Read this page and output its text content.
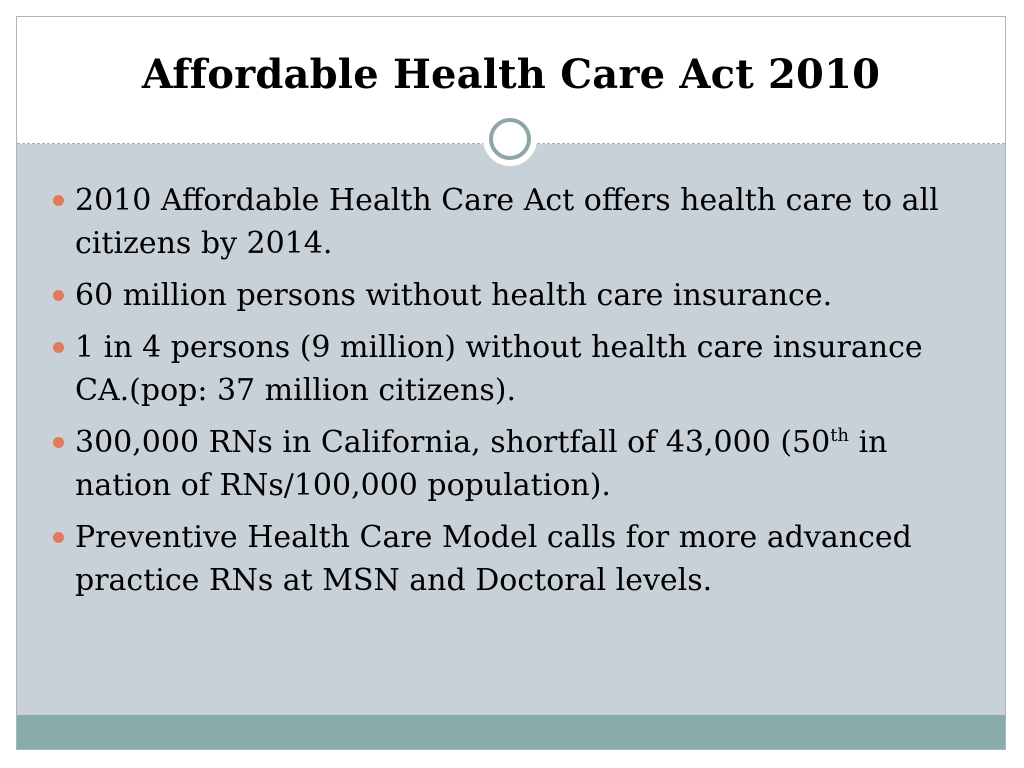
Affordable Health Care Act 2010
2010 Affordable Health Care Act offers health care to all citizens by 2014.
60 million persons without health care insurance.
1 in 4 persons (9 million) without health care insurance CA.(pop: 37 million citizens).
300,000 RNs in California, shortfall of 43,000 (50th in nation of RNs/100,000 population).
Preventive Health Care Model calls for more advanced practice RNs at MSN and Doctoral levels.
